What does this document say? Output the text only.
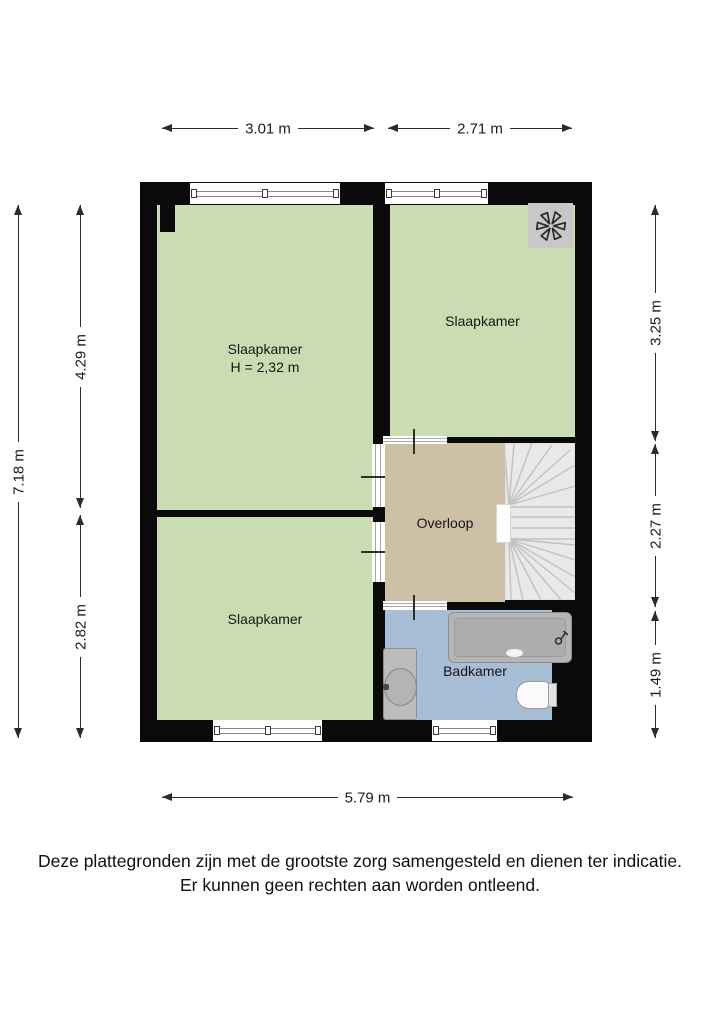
3.01 m	2.71 m
5.79 m
7.18 m
4.29 m
2.82 m
3.25 m
2.27 m
1.49 m
Slaapkamer
H = 2,32 m
Slaapkamer
Slaapkamer
Overloop
Badkamer

Deze plattegronden zijn met de grootste zorg samengesteld en dienen ter indicatie.

Er kunnen geen rechten aan worden ontleend.
